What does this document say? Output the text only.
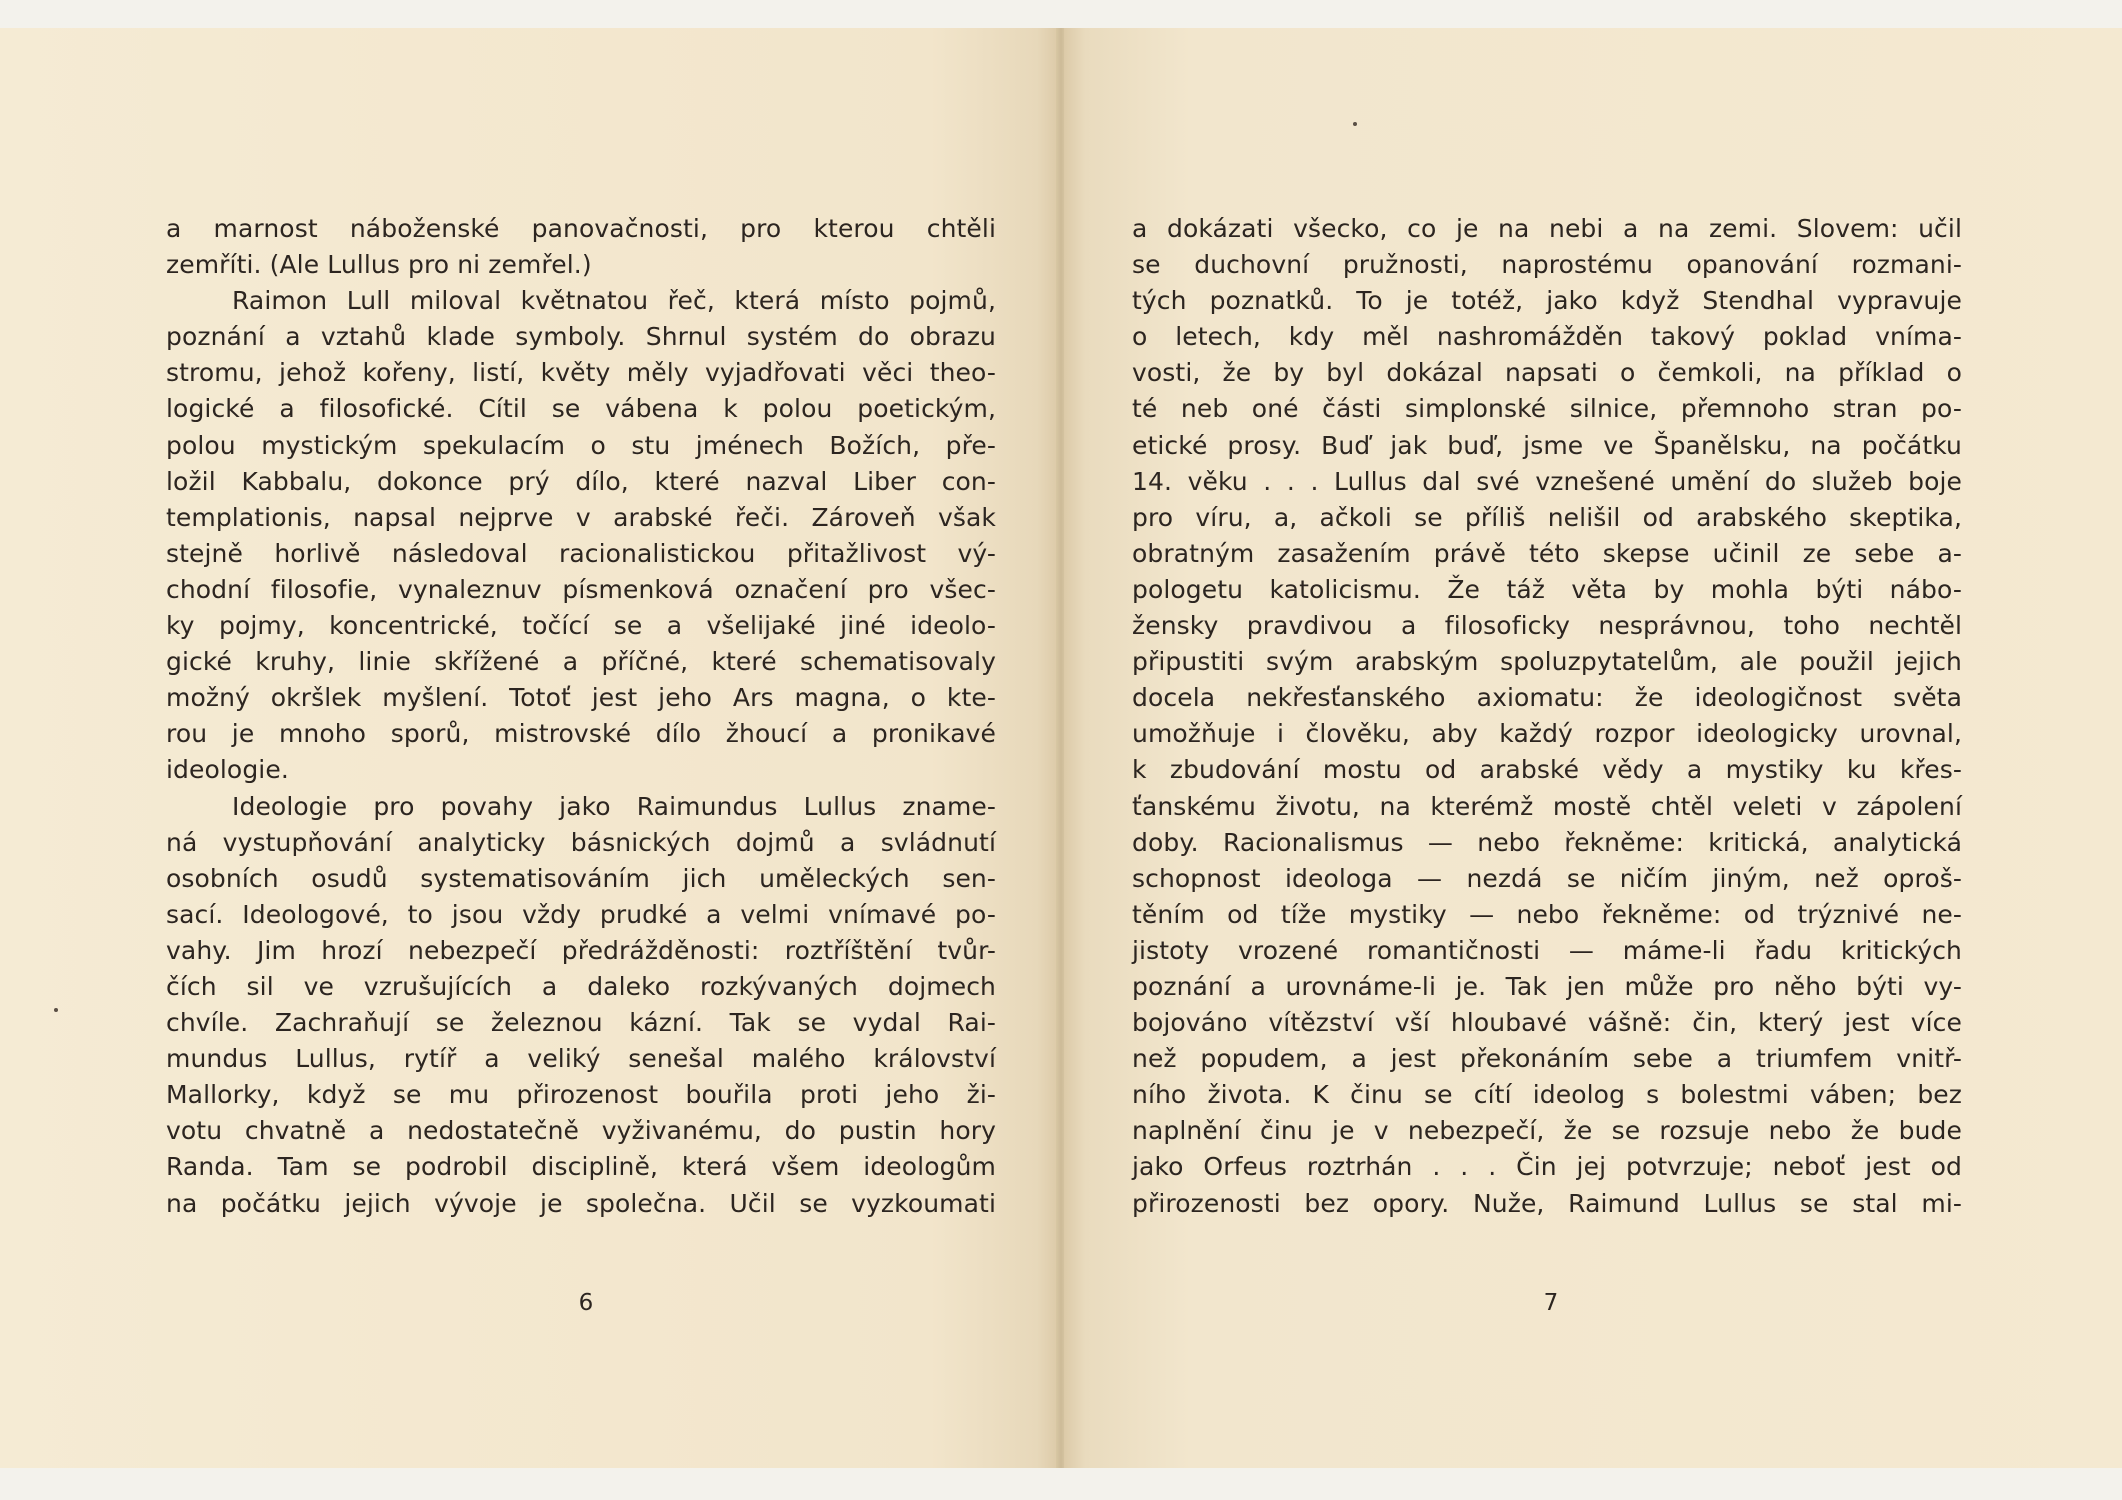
a marnost náboženské panovačnosti, pro kterou chtěli
zemříti. (Ale Lullus pro ni zemřel.)
Raimon Lull miloval květnatou řeč, která místo pojmů,
poznání a vztahů klade symboly. Shrnul systém do obrazu
stromu, jehož kořeny, listí, květy měly vyjadřovati věci theo-
logické a filosofické. Cítil se vábena k polou poetickým,
polou mystickým spekulacím o stu jménech Božích, pře-
ložil Kabbalu, dokonce prý dílo, které nazval Liber con-
templationis, napsal nejprve v arabské řeči. Zároveň však
stejně horlivě následoval racionalistickou přitažlivost vý-
chodní filosofie, vynaleznuv písmenková označení pro všec-
ky pojmy, koncentrické, točící se a všelijaké jiné ideolo-
gické kruhy, linie skřížené a příčné, které schematisovaly
možný okršlek myšlení. Totoť jest jeho Ars magna, o kte-
rou je mnoho sporů, mistrovské dílo žhoucí a pronikavé
ideologie.
Ideologie pro povahy jako Raimundus Lullus zname-
ná vystupňování analyticky básnických dojmů a svládnutí
osobních osudů systematisováním jich uměleckých sen-
sací. Ideologové, to jsou vždy prudké a velmi vnímavé po-
vahy. Jim hrozí nebezpečí předrážděnosti: roztříštění tvůr-
čích sil ve vzrušujících a daleko rozkývaných dojmech
chvíle. Zachraňují se železnou kázní. Tak se vydal Rai-
mundus Lullus, rytíř a veliký senešal malého království
Mallorky, když se mu přirozenost bouřila proti jeho ži-
votu chvatně a nedostatečně vyživanému, do pustin hory
Randa. Tam se podrobil disciplině, která všem ideologům
na počátku jejich vývoje je společna. Učil se vyzkoumati
6
a dokázati všecko, co je na nebi a na zemi. Slovem: učil
se duchovní pružnosti, naprostému opanování rozmani-
tých poznatků. To je totéž, jako když Stendhal vypravuje
o letech, kdy měl nashromážděn takový poklad vníma-
vosti, že by byl dokázal napsati o čemkoli, na příklad o
té neb oné části simplonské silnice, přemnoho stran po-
etické prosy. Buď jak buď, jsme ve Španělsku, na počátku
14. věku . . . Lullus dal své vznešené umění do služeb boje
pro víru, a, ačkoli se příliš nelišil od arabského skeptika,
obratným zasažením právě této skepse učinil ze sebe a-
pologetu katolicismu. Že táž věta by mohla býti nábo-
žensky pravdivou a filosoficky nesprávnou, toho nechtěl
připustiti svým arabským spoluzpytatelům, ale použil jejich
docela nekřesťanského axiomatu: že ideologičnost světa
umožňuje i člověku, aby každý rozpor ideologicky urovnal,
k zbudování mostu od arabské vědy a mystiky ku křes-
ťanskému životu, na kterémž mostě chtěl veleti v zápolení
doby. Racionalismus — nebo řekněme: kritická, analytická
schopnost ideologa — nezdá se ničím jiným, než oproš-
těním od tíže mystiky — nebo řekněme: od trýznivé ne-
jistoty vrozené romantičnosti — máme-li řadu kritických
poznání a urovnáme-li je. Tak jen může pro něho býti vy-
bojováno vítězství vší hloubavé vášně: čin, který jest více
než popudem, a jest překonáním sebe a triumfem vnitř-
ního života. K činu se cítí ideolog s bolestmi váben; bez
naplnění činu je v nebezpečí, že se rozsuje nebo že bude
jako Orfeus roztrhán . . . Čin jej potvrzuje; neboť jest od
přirozenosti bez opory. Nuže, Raimund Lullus se stal mi-
7
